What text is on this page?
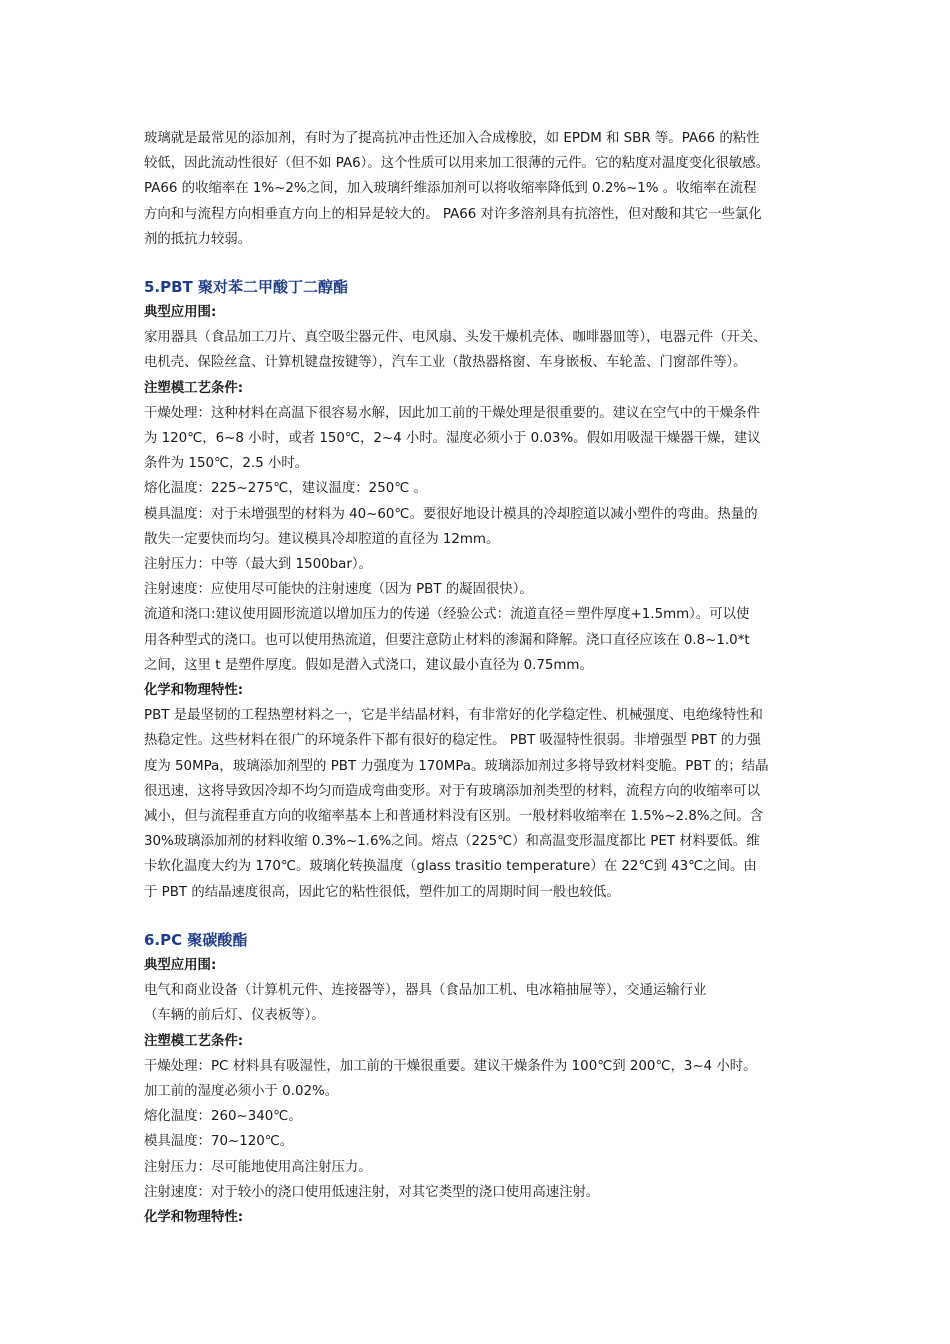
玻璃就是最常见的添加剂，有时为了提高抗冲击性还加入合成橡胶，如 EPDM 和 SBR 等。PA66 的粘性

较低，因此流动性很好（但不如 PA6）。这个性质可以用来加工很薄的元件。它的粘度对温度变化很敏感。

PA66 的收缩率在 1%~2%之间，加入玻璃纤维添加剂可以将收缩率降低到 0.2%~1% 。收缩率在流程

方向和与流程方向相垂直方向上的相异是较大的。 PA66 对许多溶剂具有抗溶性，但对酸和其它一些氯化

剂的抵抗力较弱。

5.PBT 聚对苯二甲酸丁二醇酯

典型应用围:

家用器具（食品加工刀片、真空吸尘器元件、电风扇、头发干燥机壳体、咖啡器皿等），电器元件（开关、

电机壳、保险丝盒、计算机键盘按键等），汽车工业（散热器格窗、车身嵌板、车轮盖、门窗部件等）。

注塑模工艺条件:

干燥处理：这种材料在高温下很容易水解，因此加工前的干燥处理是很重要的。建议在空气中的干燥条件

为 120℃，6~8 小时，或者 150℃，2~4 小时。湿度必须小于 0.03%。假如用吸湿干燥器干燥，建议

条件为 150℃，2.5 小时。

熔化温度：225~275℃，建议温度：250℃ 。

模具温度：对于未增强型的材料为 40~60℃。要很好地设计模具的冷却腔道以减小塑件的弯曲。热量的

散失一定要快而均匀。建议模具冷却腔道的直径为 12mm。

注射压力：中等（最大到 1500bar）。

注射速度：应使用尽可能快的注射速度（因为 PBT 的凝固很快）。

流道和浇口:建议使用圆形流道以增加压力的传递（经验公式：流道直径＝塑件厚度+1.5mm）。可以使

用各种型式的浇口。也可以使用热流道，但要注意防止材料的渗漏和降解。浇口直径应该在 0.8~1.0*t

之间，这里 t 是塑件厚度。假如是潜入式浇口，建议最小直径为 0.75mm。

化学和物理特性:

PBT 是最坚韧的工程热塑材料之一，它是半结晶材料，有非常好的化学稳定性、机械强度、电绝缘特性和

热稳定性。这些材料在很广的环境条件下都有很好的稳定性。 PBT 吸湿特性很弱。非增强型 PBT 的力强

度为 50MPa，玻璃添加剂型的 PBT 力强度为 170MPa。玻璃添加剂过多将导致材料变脆。PBT 的；结晶

很迅速，这将导致因冷却不均匀而造成弯曲变形。对于有玻璃添加剂类型的材料，流程方向的收缩率可以

减小，但与流程垂直方向的收缩率基本上和普通材料没有区别。一般材料收缩率在 1.5%~2.8%之间。含

30%玻璃添加剂的材料收缩 0.3%~1.6%之间。熔点（225℃）和高温变形温度都比 PET 材料要低。维

卡软化温度大约为 170℃。玻璃化转换温度（glass trasitio temperature）在 22℃到 43℃之间。由

于 PBT 的结晶速度很高，因此它的粘性很低，塑件加工的周期时间一般也较低。

6.PC 聚碳酸酯

典型应用围:

电气和商业设备（计算机元件、连接器等），器具（食品加工机、电冰箱抽屉等），交通运输行业

（车辆的前后灯、仪表板等）。

注塑模工艺条件:

干燥处理：PC 材料具有吸湿性，加工前的干燥很重要。建议干燥条件为 100℃到 200℃，3~4 小时。

加工前的湿度必须小于 0.02%。

熔化温度：260~340℃。

模具温度：70~120℃。

注射压力：尽可能地使用高注射压力。

注射速度：对于较小的浇口使用低速注射，对其它类型的浇口使用高速注射。

化学和物理特性:
